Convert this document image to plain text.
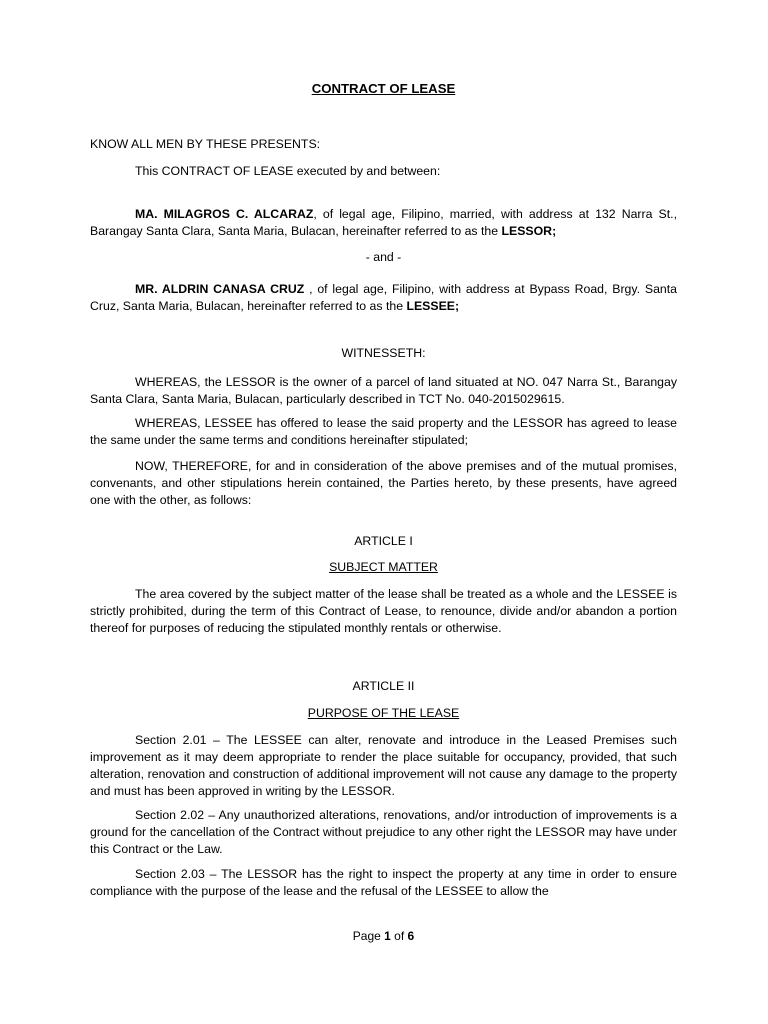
CONTRACT OF LEASE

KNOW ALL MEN BY THESE PRESENTS:

This CONTRACT OF LEASE executed by and between:

MA. MILAGROS C. ALCARAZ, of legal age, Filipino, married, with address at 132 Narra St., Barangay Santa Clara, Santa Maria, Bulacan, hereinafter referred to as the LESSOR;

- and -

MR. ALDRIN CANASA CRUZ , of legal age, Filipino, with address at Bypass Road, Brgy. Santa Cruz, Santa Maria, Bulacan, hereinafter referred to as the LESSEE;

WITNESSETH:

WHEREAS, the LESSOR is the owner of a parcel of land situated at NO. 047 Narra St., Barangay Santa Clara, Santa Maria, Bulacan, particularly described in TCT No. 040-2015029615.

WHEREAS, LESSEE has offered to lease the said property and the LESSOR has agreed to lease the same under the same terms and conditions hereinafter stipulated;

NOW, THEREFORE, for and in consideration of the above premises and of the mutual promises, convenants, and other stipulations herein contained, the Parties hereto, by these presents, have agreed one with the other, as follows:

ARTICLE I

SUBJECT MATTER

The area covered by the subject matter of the lease shall be treated as a whole and the LESSEE is strictly prohibited, during the term of this Contract of Lease, to renounce, divide and/or abandon a portion thereof for purposes of reducing the stipulated monthly rentals or otherwise.

ARTICLE II

PURPOSE OF THE LEASE

Section 2.01 – The LESSEE can alter, renovate and introduce in the Leased Premises such improvement as it may deem appropriate to render the place suitable for occupancy, provided, that such alteration, renovation and construction of additional improvement will not cause any damage to the property and must has been approved in writing by the LESSOR.

Section 2.02 – Any unauthorized alterations, renovations, and/or introduction of improvements is a ground for the cancellation of the Contract without prejudice to any other right the LESSOR may have under this Contract or the Law.

Section 2.03 – The LESSOR has the right to inspect the property at any time in order to ensure compliance with the purpose of the lease and the refusal of the LESSEE to allow the

Page 1 of 6
